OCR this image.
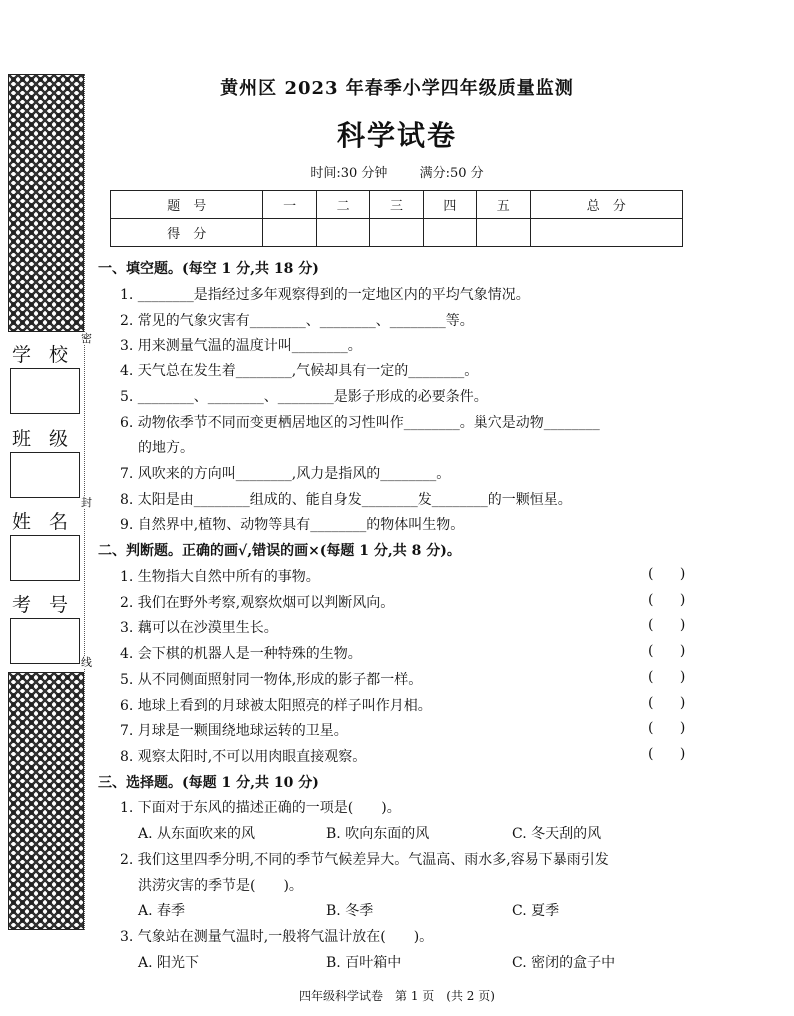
密
封
线
学校
班级
姓名
考号
黄州区 2023 年春季小学四年级质量监测
科学试卷
时间:30 分钟 满分:50 分
题　号	一	二	三	四	五	总　分
得　分						
一、填空题。(每空 1 分,共 18 分)
1. ________是指经过多年观察得到的一定地区内的平均气象情况。
2. 常见的气象灾害有________、________、________等。
3. 用来测量气温的温度计叫________。
4. 天气总在发生着________,气候却具有一定的________。
5. ________、________、________是影子形成的必要条件。
6. 动物依季节不同而变更栖居地区的习性叫作________。巢穴是动物________
的地方。
7. 风吹来的方向叫________,风力是指风的________。
8. 太阳是由________组成的、能自身发________发________的一颗恒星。
9. 自然界中,植物、动物等具有________的物体叫生物。
二、判断题。正确的画√,错误的画×(每题 1 分,共 8 分)。
1. 生物指大自然中所有的事物。	( )
2. 我们在野外考察,观察炊烟可以判断风向。	( )
3. 藕可以在沙漠里生长。	( )
4. 会下棋的机器人是一种特殊的生物。	( )
5. 从不同侧面照射同一物体,形成的影子都一样。	( )
6. 地球上看到的月球被太阳照亮的样子叫作月相。	( )
7. 月球是一颗围绕地球运转的卫星。	( )
8. 观察太阳时,不可以用肉眼直接观察。	( )
三、选择题。(每题 1 分,共 10 分)
1. 下面对于东风的描述正确的一项是(　　)。
A. 从东面吹来的风	B. 吹向东面的风	C. 冬天刮的风
2. 我们这里四季分明,不同的季节气候差异大。气温高、雨水多,容易下暴雨引发
洪涝灾害的季节是(　　)。
A. 春季	B. 冬季	C. 夏季
3. 气象站在测量气温时,一般将气温计放在(　　)。
A. 阳光下	B. 百叶箱中	C. 密闭的盒子中
四年级科学试卷　第 1 页　(共 2 页)
